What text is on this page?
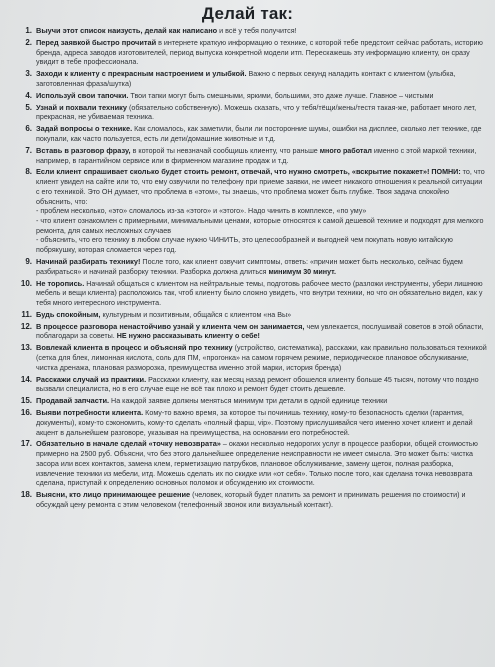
Делай так:
1. Выучи этот список наизусть, делай как написано и всё у тебя получится!
2. Перед заявкой быстро прочитай в интернете краткую информацию о технике, с которой тебе предстоит сейчас работать, историю бренда, адреса заводов изготовителей, период выпуска конкретной модели итп. Перескажешь эту информацию клиенту, он сразу увидит в тебе профессионала.
3. Заходи к клиенту с прекрасным настроением и улыбкой. Важно с первых секунд наладить контакт с клиентом (улыбка, заготовленная фраза/шутка)
4. Используй свои тапочки. Твои тапки могут быть смешными, яркими, большими, это даже лучше. Главное – чистыми
5. Узнай и похвали технику (обязательно собственную). Можешь сказать, что у тебя/тёщи/жены/тестя такая-же, работает много лет, прекрасная, не убиваемая техника.
6. Задай вопросы о технике. Как сломалось, как заметили, были ли посторонние шумы, ошибки на дисплее, сколько лет технике, где покупали, как часто пользуется, есть ли дети/домашние животные и т.д.
7. Вставь в разговор фразу, в которой ты невзначай сообщишь клиенту, что раньше много работал именно с этой маркой техники, например, в гарантийном сервисе или в фирменном магазине продаж и т.д.
8. Если клиент спрашивает сколько будет стоить ремонт, отвечай, что нужно смотреть, «вскрытие покажет»! ПОМНИ: то, что клиент увидел на сайте или то, что ему озвучили по телефону при приеме заявки, не имеет никакого отношения к реальной ситуации с его техникой. Это ОН думает, что проблема в «этом», ты знаешь, что проблема может быть глубже. Твоя задача спокойно объяснить, что:
- проблем несколько, «это» сломалось из-за «этого» и «этого». Надо чинить в комплексе, «по уму»
- что клиент ознакомлен с примерными, минимальными ценами, которые относятся к самой дешевой технике и подходят для мелкого ремонта, для самых несложных случаев
- объяснить, что его технику в любом случае нужно ЧИНИТЬ, это целесообразней и выгодней чем покупать новую китайскую побрякушку, которая сломается через год.
9. Начинай разбирать технику! После того, как клиент озвучит симптомы, ответь: «причин может быть несколько, сейчас будем разбираться» и начинай разборку техники. Разборка должна длиться минимум 30 минут.
10. Не торопись. Начинай общаться с клиентом на нейтральные темы, подготовь рабочее место (разложи инструменты, убери лишнюю мебель и вещи клиента) расположись так, чтоб клиенту было сложно увидеть, что внутри техники, но что он обязательно видел, как у тебя много интересного инструмента.
11. Будь спокойным, культурным и позитивным, общайся с клиентом «на Вы»
12. В процессе разговора ненастойчиво узнай у клиента чем он занимается, чем увлекается, послушивай советов в этой области, поблагодари за советы. НЕ нужно рассказывать клиенту о себе!
13. Вовлекай клиента в процесс и объясняй про технику (устройство, систематика), расскажи, как правильно пользоваться техникой (сетка для блек, лимонная кислота, соль для ПМ, «прогонка» на самом горячем режиме, периодическое плановое обслуживание, чистка дренажа, плановая разморозка, преимущества именно этой марки, история бренда)
14. Расскажи случай из практики. Расскажи клиенту, как месяц назад ремонт обошелся клиенту больше 45 тысяч, потому что поздно вызвали специалиста, но в его случае еще не всё так плохо и ремонт будет стоить дешевле.
15. Продавай запчасти. На каждой заявке должны меняться минимум три детали в одной единице техники
16. Выяви потребности клиента. Кому-то важно время, за которое ты починишь технику, кому-то безопасность сделки (гарантия, документы), кому-то сэкономить, кому-то сделать «полный фарш, vip». Поэтому прислушивайся чего именно хочет клиент и делай акцент в дальнейшем разговоре, указывая на преимущества, на основании его потребностей.
17. Обязательно в начале сделай «точку невозврата» – окажи несколько недорогих услуг в процессе разборки, общей стоимостью примерно на 2500 руб. Объясни, что без этого дальнейшее определение неисправности не имеет смысла. Это может быть: чистка засора или всех контактов, замена клем, герметизацию патрубков, плановое обслуживание, замену щеток, полная разборка, извлечение техники из мебели, итд. Можешь сделать их по скидке или «от себя». Только после того, как сделана точка невозврата сделана, приступай к определению основных поломок и обсуждению их стоимости.
18. Выясни, кто лицо принимающее решение (человек, который будет платить за ремонт и принимать решения по стоимости) и обсуждай цену ремонта с этим человеком (телефонный звонок или визуальный контакт).
